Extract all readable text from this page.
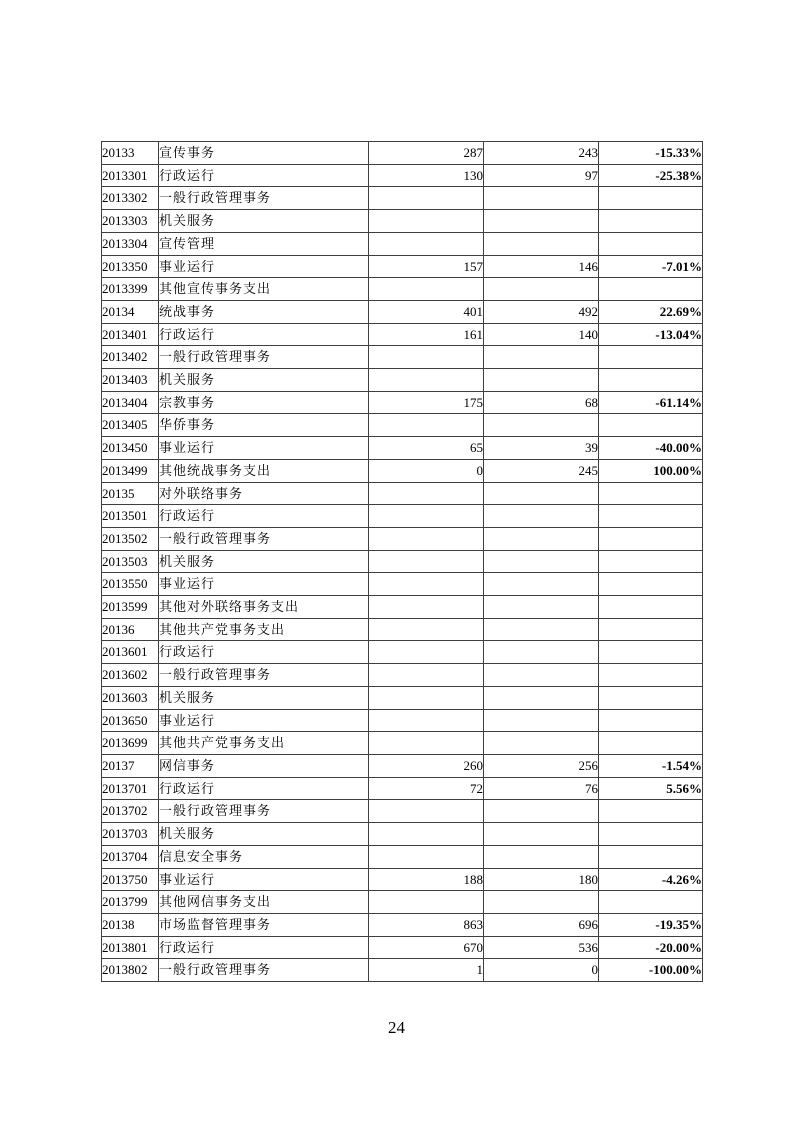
20133	宣传事务	287	243	-15.33%
2013301	行政运行	130	97	-25.38%
2013302	一般行政管理事务			
2013303	机关服务			
2013304	宣传管理			
2013350	事业运行	157	146	-7.01%
2013399	其他宣传事务支出			
20134	统战事务	401	492	22.69%
2013401	行政运行	161	140	-13.04%
2013402	一般行政管理事务			
2013403	机关服务			
2013404	宗教事务	175	68	-61.14%
2013405	华侨事务			
2013450	事业运行	65	39	-40.00%
2013499	其他统战事务支出	0	245	100.00%
20135	对外联络事务			
2013501	行政运行			
2013502	一般行政管理事务			
2013503	机关服务			
2013550	事业运行			
2013599	其他对外联络事务支出			
20136	其他共产党事务支出			
2013601	行政运行			
2013602	一般行政管理事务			
2013603	机关服务			
2013650	事业运行			
2013699	其他共产党事务支出			
20137	网信事务	260	256	-1.54%
2013701	行政运行	72	76	5.56%
2013702	一般行政管理事务			
2013703	机关服务			
2013704	信息安全事务			
2013750	事业运行	188	180	-4.26%
2013799	其他网信事务支出			
20138	市场监督管理事务	863	696	-19.35%
2013801	行政运行	670	536	-20.00%
2013802	一般行政管理事务	1	0	-100.00%
24
